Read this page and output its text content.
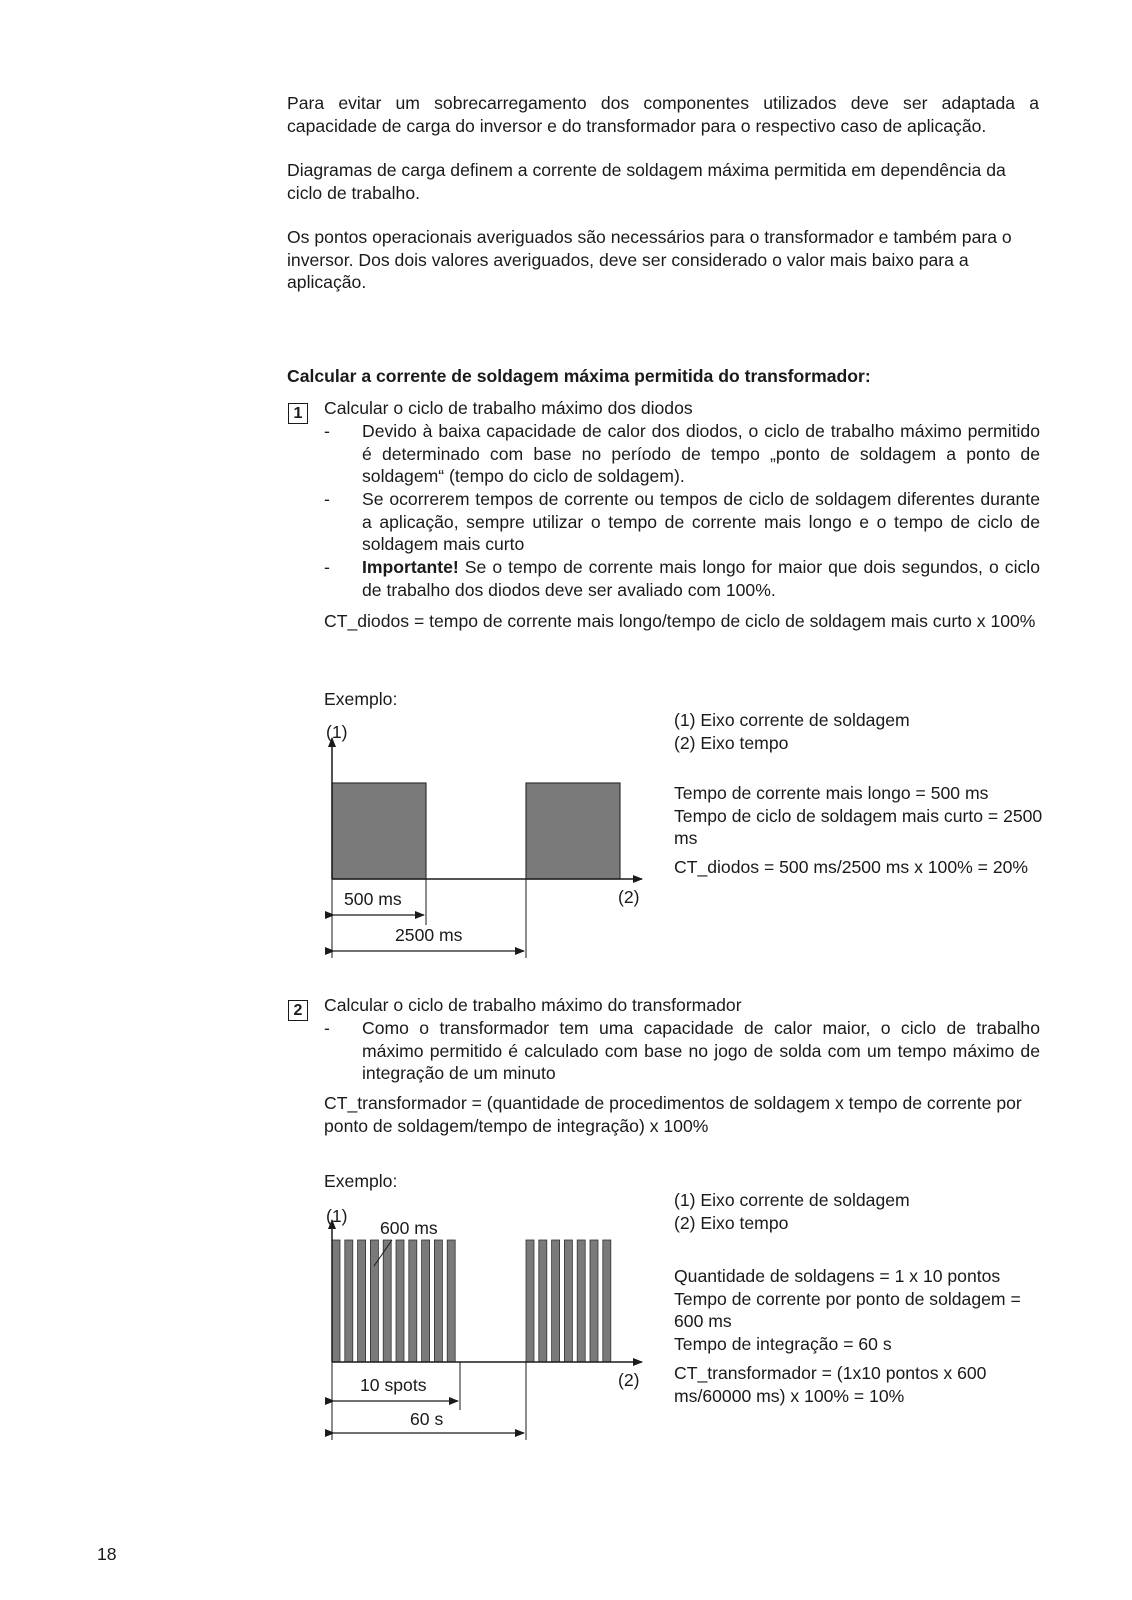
Para evitar um sobrecarregamento dos componentes utilizados deve ser adaptada a capacidade de carga do inversor e do transformador para o respectivo caso de aplicação.

Diagramas de carga definem a corrente de soldagem máxima permitida em dependência da ciclo de trabalho.

Os pontos operacionais averiguados são necessários para o transformador e também para o inversor. Dos dois valores averiguados, deve ser considerado o valor mais baixo para a aplicação.

Calcular a corrente de soldagem máxima permitida do transformador:

1	Calcular o ciclo de trabalho máximo dos diodos

- Devido à baixa capacidade de calor dos diodos, o ciclo de trabalho máximo permitido é determinado com base no período de tempo „ponto de soldagem a ponto de soldagem“ (tempo do ciclo de soldagem).
- Se ocorrerem tempos de corrente ou tempos de ciclo de soldagem diferentes durante a aplicação, sempre utilizar o tempo de corrente mais longo e o tempo de ciclo de soldagem mais curto
- Importante! Se o tempo de corrente mais longo for maior que dois segundos, o ciclo de trabalho dos diodos deve ser avaliado com 100%.

CT_diodos = tempo de corrente mais longo/tempo de ciclo de soldagem mais curto x 100%

Exemplo:
(1)
(2)
500 ms
2500 ms
(1) Eixo corrente de soldagem
(2) Eixo tempo
Tempo de corrente mais longo = 500 ms
Tempo de ciclo de soldagem mais curto = 2500 ms
CT_diodos = 500 ms/2500 ms x 100% = 20%
2	Calcular o ciclo de trabalho máximo do transformador

- Como o transformador tem uma capacidade de calor maior, o ciclo de trabalho máximo permitido é calculado com base no jogo de solda com um tempo máximo de integração de um minuto

CT_transformador = (quantidade de procedimentos de soldagem x tempo de corrente por ponto de soldagem/tempo de integração) x 100%

Exemplo:
(1)
(2)
600 ms
10 spots
60 s
(1) Eixo corrente de soldagem
(2) Eixo tempo
Quantidade de soldagens = 1 x 10 pontos
Tempo de corrente por ponto de soldagem = 600 ms
Tempo de integração = 60 s
CT_transformador = (1x10 pontos x 600 ms/60000 ms) x 100% = 10%
18
